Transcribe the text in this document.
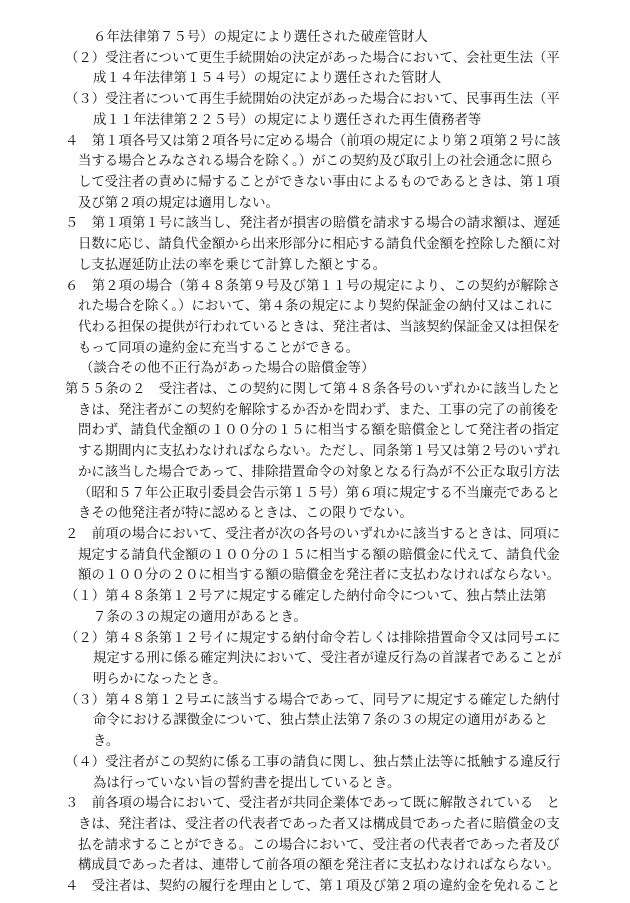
６年法律第７５号）の規定により選任された破産管財人
（２）受注者について更生手続開始の決定があった場合において、会社更生法（平
成１４年法律第１５４号）の規定により選任された管財人
（３）受注者について再生手続開始の決定があった場合において、民事再生法（平
成１１年法律第２２５号）の規定により選任された再生債務者等
４　第１項各号又は第２項各号に定める場合（前項の規定により第２項第２号に該
当する場合とみなされる場合を除く。）がこの契約及び取引上の社会通念に照ら
して受注者の責めに帰することができない事由によるものであるときは、第１項
及び第２項の規定は適用しない。
５　第１項第１号に該当し、発注者が損害の賠償を請求する場合の請求額は、遅延
日数に応じ、請負代金額から出来形部分に相応する請負代金額を控除した額に対
し支払遅延防止法の率を乗じて計算した額とする。
６　第２項の場合（第４８条第９号及び第１１号の規定により、この契約が解除さ
れた場合を除く。）において、第４条の規定により契約保証金の納付又はこれに
代わる担保の提供が行われているときは、発注者は、当該契約保証金又は担保を
もって同項の違約金に充当することができる。
（談合その他不正行為があった場合の賠償金等）
第５５条の２　受注者は、この契約に関して第４８条各号のいずれかに該当したと
きは、発注者がこの契約を解除するか否かを問わず、また、工事の完了の前後を
問わず、請負代金額の１００分の１５に相当する額を賠償金として発注者の指定
する期間内に支払わなければならない。ただし、同条第１号又は第２号のいずれ
かに該当した場合であって、排除措置命令の対象となる行為が不公正な取引方法
（昭和５７年公正取引委員会告示第１５号）第６項に規定する不当廉売であると
きその他発注者が特に認めるときは、この限りでない。
２　前項の場合において、受注者が次の各号のいずれかに該当するときは、同項に
規定する請負代金額の１００分の１５に相当する額の賠償金に代えて、請負代金
額の１００分の２０に相当する額の賠償金を発注者に支払わなければならない。
（１）第４８条第１２号アに規定する確定した納付命令について、独占禁止法第
７条の３の規定の適用があるとき。
（２）第４８条第１２号イに規定する納付命令若しくは排除措置命令又は同号エに
規定する刑に係る確定判決において、受注者が違反行為の首謀者であることが
明らかになったとき。
（３）第４８第１２号エに該当する場合であって、同号アに規定する確定した納付
命令における課徴金について、独占禁止法第７条の３の規定の適用があると
き。
（４）受注者がこの契約に係る工事の請負に関し、独占禁止法等に抵触する違反行
為は行っていない旨の誓約書を提出しているとき。
３　前各項の場合において、受注者が共同企業体であって既に解散されている　と
きは、発注者は、受注者の代表者であった者又は構成員であった者に賠償金の支
払を請求することができる。この場合において、受注者の代表者であった者及び
構成員であった者は、連帯して前各項の額を発注者に支払わなければならない。
４　受注者は、契約の履行を理由として、第１項及び第２項の違約金を免れること
